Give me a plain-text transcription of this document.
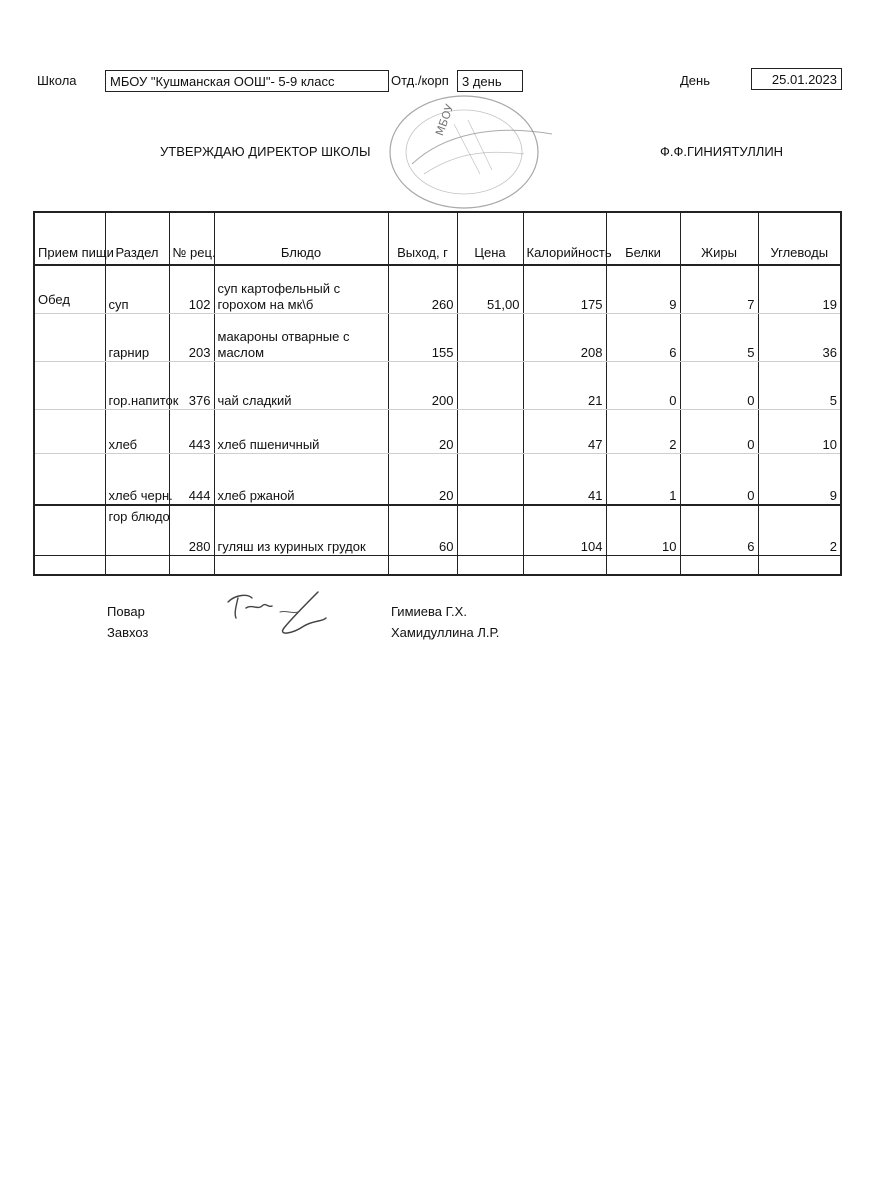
Школа	МБОУ "Кушманская ООШ"- 5-9 класс	Отд./корп	3 день	День	25.01.2023
УТВЕРЖДАЮ ДИРЕКТОР ШКОЛЫ	Ф.Ф.ГИНИЯТУЛЛИН
МБОУ
Прием пищи	Раздел	№ рец.	Блюдо	Выход, г	Цена	Калорийность	Белки	Жиры	Углеводы
Обед	суп	102	суп картофельный с горохом на мк\б	260	51,00	175	9	7	19
	гарнир	203	макароны отварные с маслом	155		208	6	5	36
	гор.напиток	376	чай сладкий	200		21	0	0	5
	хлеб	443	хлеб пшеничный	20		47	2	0	10
	хлеб черн.	444	хлеб ржаной	20		41	1	0	9
	гор блюдо	280	гуляш из куриных грудок	60		104	10	6	2

Повар
Завхоз
Гимиева Г.Х.
Хамидуллина Л.Р.
